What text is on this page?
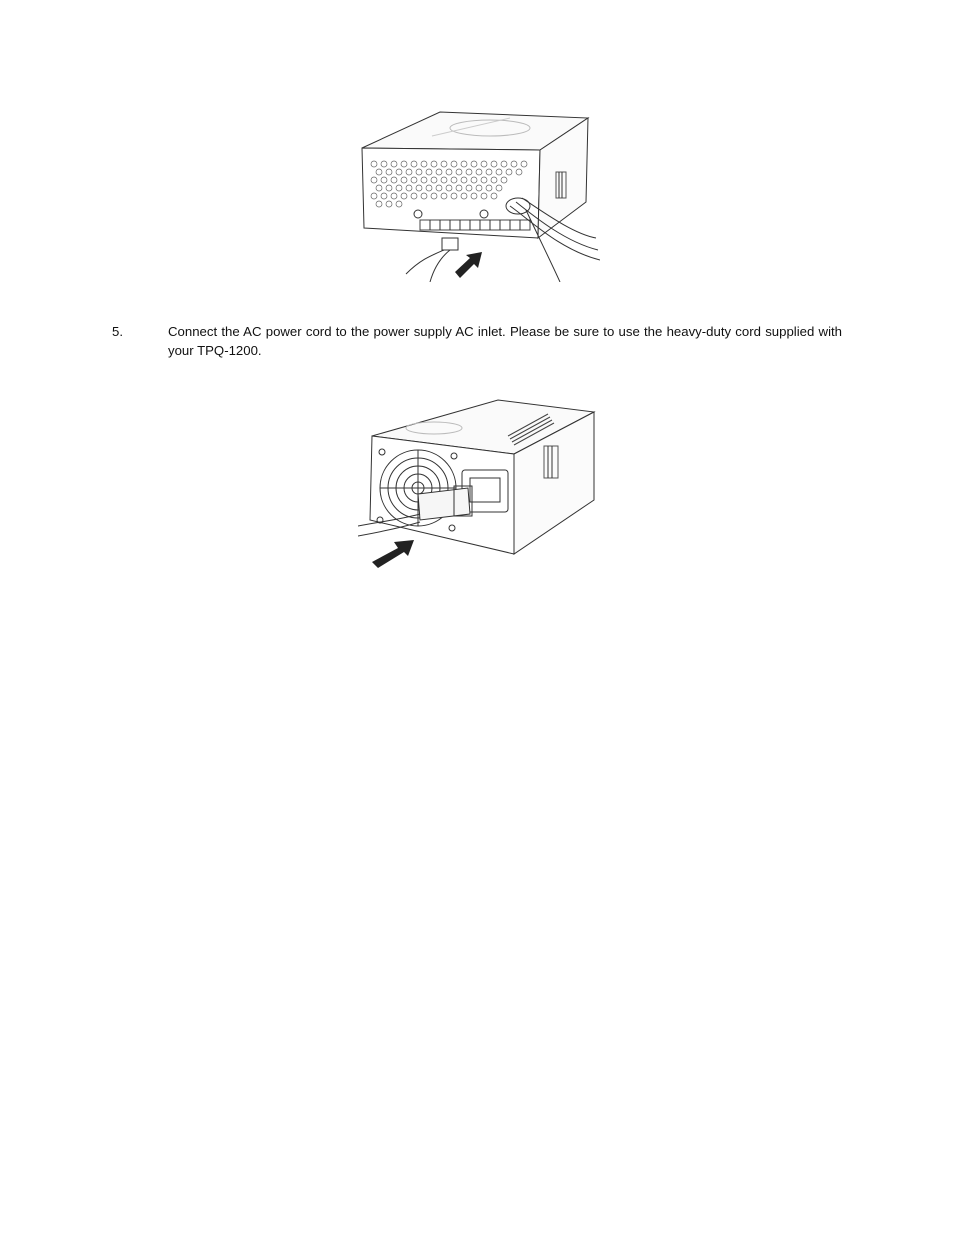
5.	Connect the AC power cord to the power supply AC inlet. Please be sure to use the heavy-duty cord supplied with your TPQ-1200.
